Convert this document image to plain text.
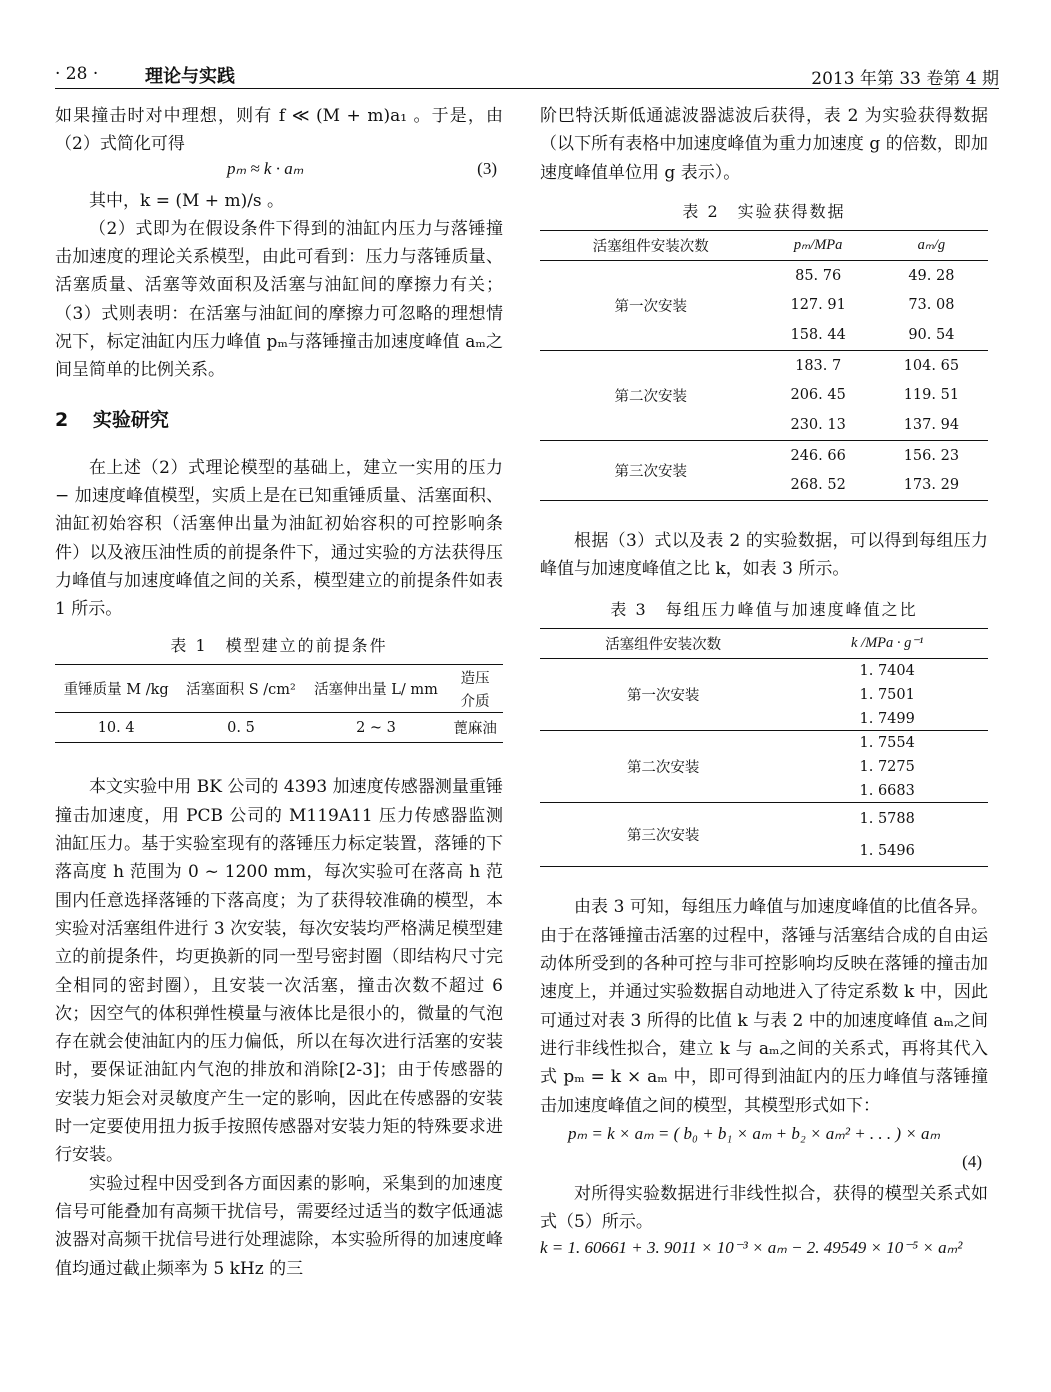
· 28 ·	理论与实践	2013 年第 33 卷第 4 期

如果撞击时对中理想，则有 f ≪ (M + m)a₁ 。于是，由（2）式简化可得

pₘ ≈ k · aₘ	(3)

其中，k = (M + m)/s 。

（2）式即为在假设条件下得到的油缸内压力与落锤撞击加速度的理论关系模型，由此可看到：压力与落锤质量、活塞质量、活塞等效面积及活塞与油缸间的摩擦力有关；（3）式则表明：在活塞与油缸间的摩擦力可忽略的理想情况下，标定油缸内压力峰值 pₘ与落锤撞击加速度峰值 aₘ之间呈简单的比例关系。

2 实验研究

在上述（2）式理论模型的基础上，建立一实用的压力 − 加速度峰值模型，实质上是在已知重锤质量、活塞面积、油缸初始容积（活塞伸出量为油缸初始容积的可控影响条件）以及液压油性质的前提条件下，通过实验的方法获得压力峰值与加速度峰值之间的关系，模型建立的前提条件如表 1 所示。

表 1　模型建立的前提条件
重锤质量 M /kg	活塞面积 S /cm²	活塞伸出量 L/ mm	造压
			介质
10. 4	0. 5	2 ~ 3	蓖麻油

本文实验中用 BK 公司的 4393 加速度传感器测量重锤撞击加速度，用 PCB 公司的 M119A11 压力传感器监测油缸压力。基于实验室现有的落锤压力标定装置，落锤的下落高度 h 范围为 0 ~ 1200 mm，每次实验可在落高 h 范围内任意选择落锤的下落高度；为了获得较准确的模型，本实验对活塞组件进行 3 次安装，每次安装均严格满足模型建立的前提条件，均更换新的同一型号密封圈（即结构尺寸完全相同的密封圈），且安装一次活塞，撞击次数不超过 6 次；因空气的体积弹性模量与液体比是很小的，微量的气泡存在就会使油缸内的压力偏低，所以在每次进行活塞的安装时，要保证油缸内气泡的排放和消除[2-3]；由于传感器的安装力矩会对灵敏度产生一定的影响，因此在传感器的安装时一定要使用扭力扳手按照传感器对安装力矩的特殊要求进行安装。

实验过程中因受到各方面因素的影响，采集到的加速度信号可能叠加有高频干扰信号，需要经过适当的数字低通滤波器对高频干扰信号进行处理滤除，本实验所得的加速度峰值均通过截止频率为 5 kHz 的三

阶巴特沃斯低通滤波器滤波后获得，表 2 为实验获得数据（以下所有表格中加速度峰值为重力加速度 g 的倍数，即加速度峰值单位用 g 表示）。

表 2　实验获得数据
活塞组件安装次数	pₘ/MPa	aₘ/g
第一次安装	85. 76	49. 28
	127. 91	73. 08
	158. 44	90. 54
第二次安装	183. 7	104. 65
	206. 45	119. 51
	230. 13	137. 94
第三次安装	246. 66	156. 23
	268. 52	173. 29

根据（3）式以及表 2 的实验数据，可以得到每组压力峰值与加速度峰值之比 k，如表 3 所示。

表 3　每组压力峰值与加速度峰值之比
活塞组件安装次数	k /MPa · g⁻¹
第一次安装	1. 7404
	1. 7501
	1. 7499
第二次安装	1. 7554
	1. 7275
	1. 6683
第三次安装	1. 5788
	1. 5496

由表 3 可知，每组压力峰值与加速度峰值的比值各异。由于在落锤撞击活塞的过程中，落锤与活塞结合成的自由运动体所受到的各种可控与非可控影响均反映在落锤的撞击加速度上，并通过实验数据自动地进入了待定系数 k 中，因此可通过对表 3 所得的比值 k 与表 2 中的加速度峰值 aₘ之间进行非线性拟合，建立 k 与 aₘ之间的关系式，再将其代入式 pₘ = k × aₘ 中，即可得到油缸内的压力峰值与落锤撞击加速度峰值之间的模型，其模型形式如下：

pₘ = k × aₘ = ( b₀ + b₁ × aₘ + b₂ × aₘ² + . . . ) × aₘ
(4)

对所得实验数据进行非线性拟合，获得的模型关系式如式（5）所示。

k = 1. 60661 + 3. 9011 × 10⁻³ × aₘ − 2. 49549 × 10⁻⁵ × aₘ²
